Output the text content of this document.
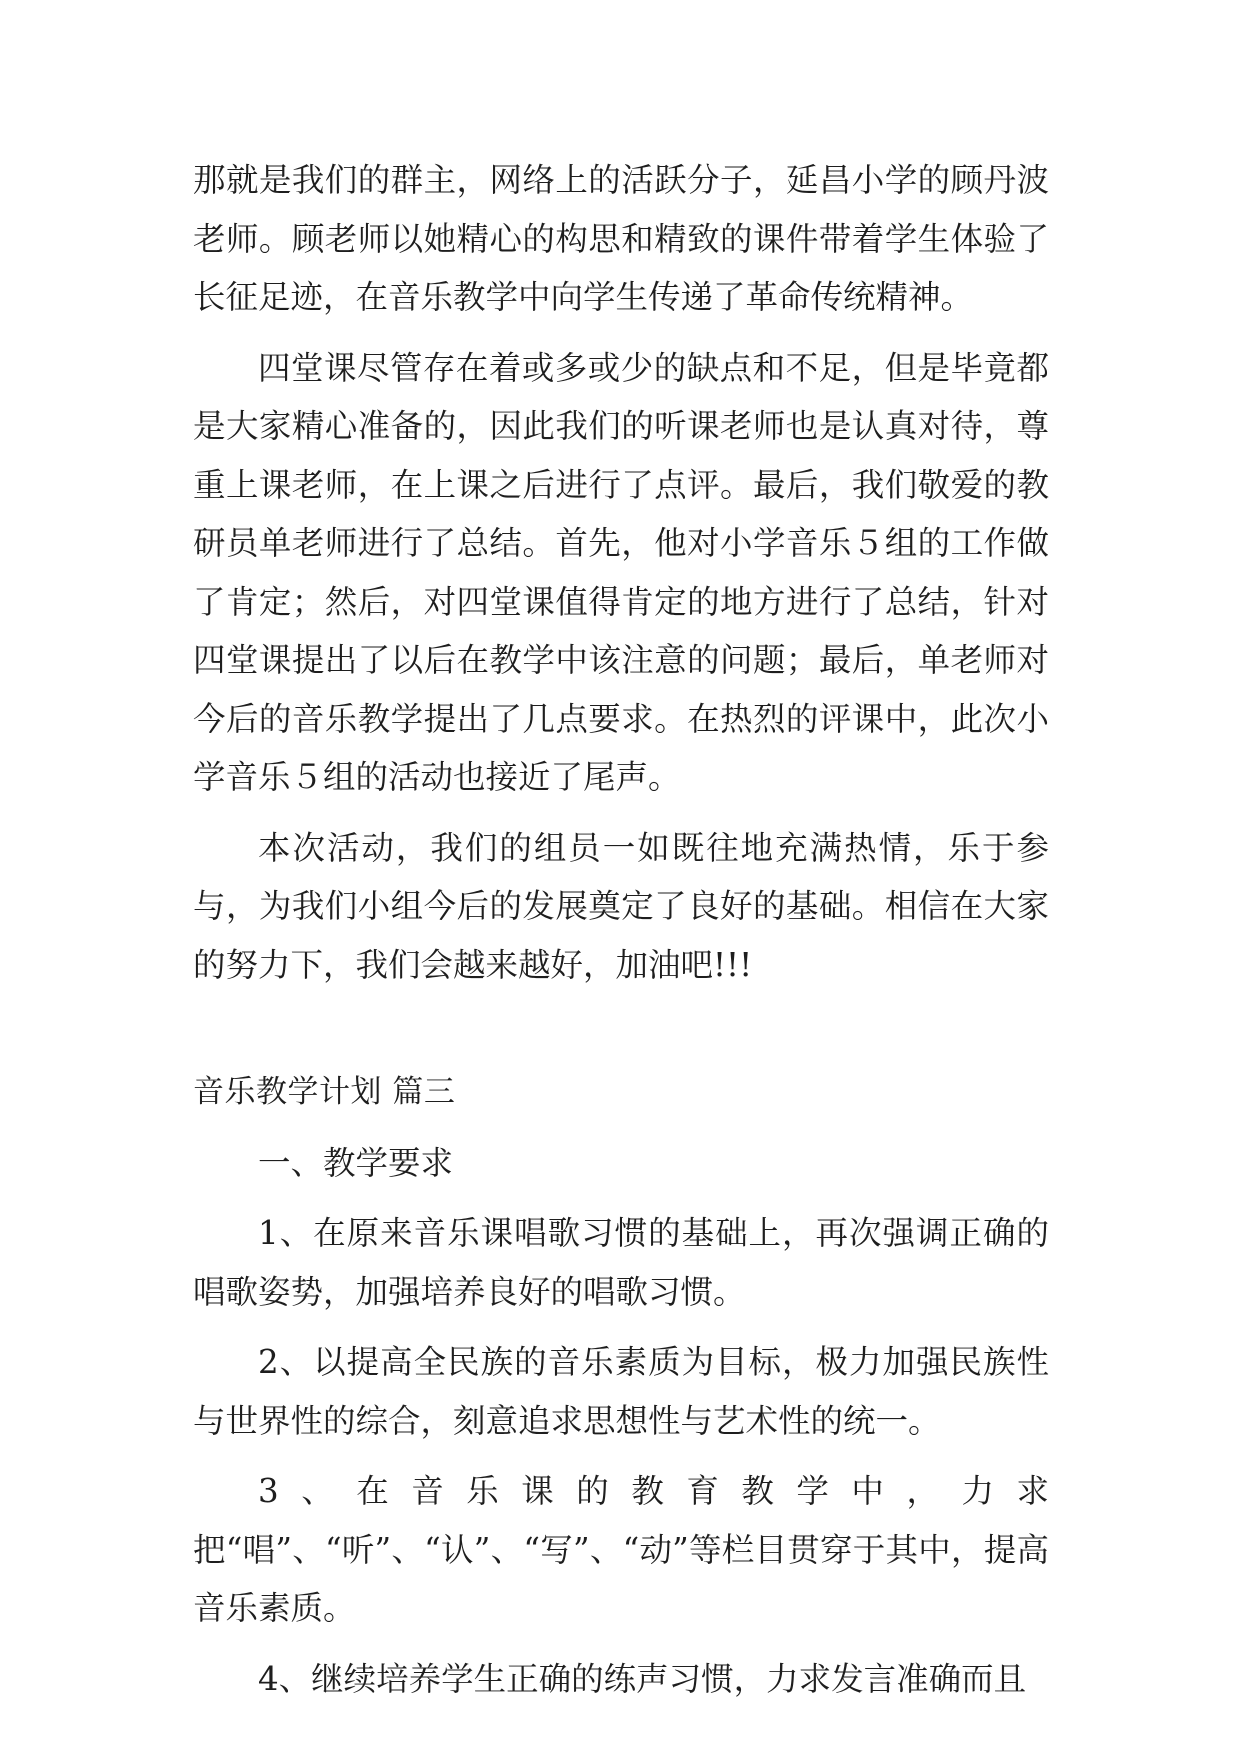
那就是我们的群主，网络上的活跃分子，延昌小学的顾丹波老师。顾老师以她精心的构思和精致的课件带着学生体验了长征足迹，在音乐教学中向学生传递了革命传统精神。

四堂课尽管存在着或多或少的缺点和不足，但是毕竟都是大家精心准备的，因此我们的听课老师也是认真对待，尊重上课老师，在上课之后进行了点评。最后，我们敬爱的教研员单老师进行了总结。首先，他对小学音乐５组的工作做了肯定；然后，对四堂课值得肯定的地方进行了总结，针对四堂课提出了以后在教学中该注意的问题；最后，单老师对今后的音乐教学提出了几点要求。在热烈的评课中，此次小学音乐５组的活动也接近了尾声。

本次活动，我们的组员一如既往地充满热情，乐于参与，为我们小组今后的发展奠定了良好的基础。相信在大家的努力下，我们会越来越好，加油吧!!!

音乐教学计划 篇三

一、教学要求

1、在原来音乐课唱歌习惯的基础上，再次强调正确的唱歌姿势，加强培养良好的唱歌习惯。

2、以提高全民族的音乐素质为目标，极力加强民族性与世界性的综合，刻意追求思想性与艺术性的统一。

3、在音乐课的教育教学中，力求把“唱”、“听”、“认”、“写”、“动”等栏目贯穿于其中，提高音乐素质。

4、继续培养学生正确的练声习惯，力求发言准确而且
